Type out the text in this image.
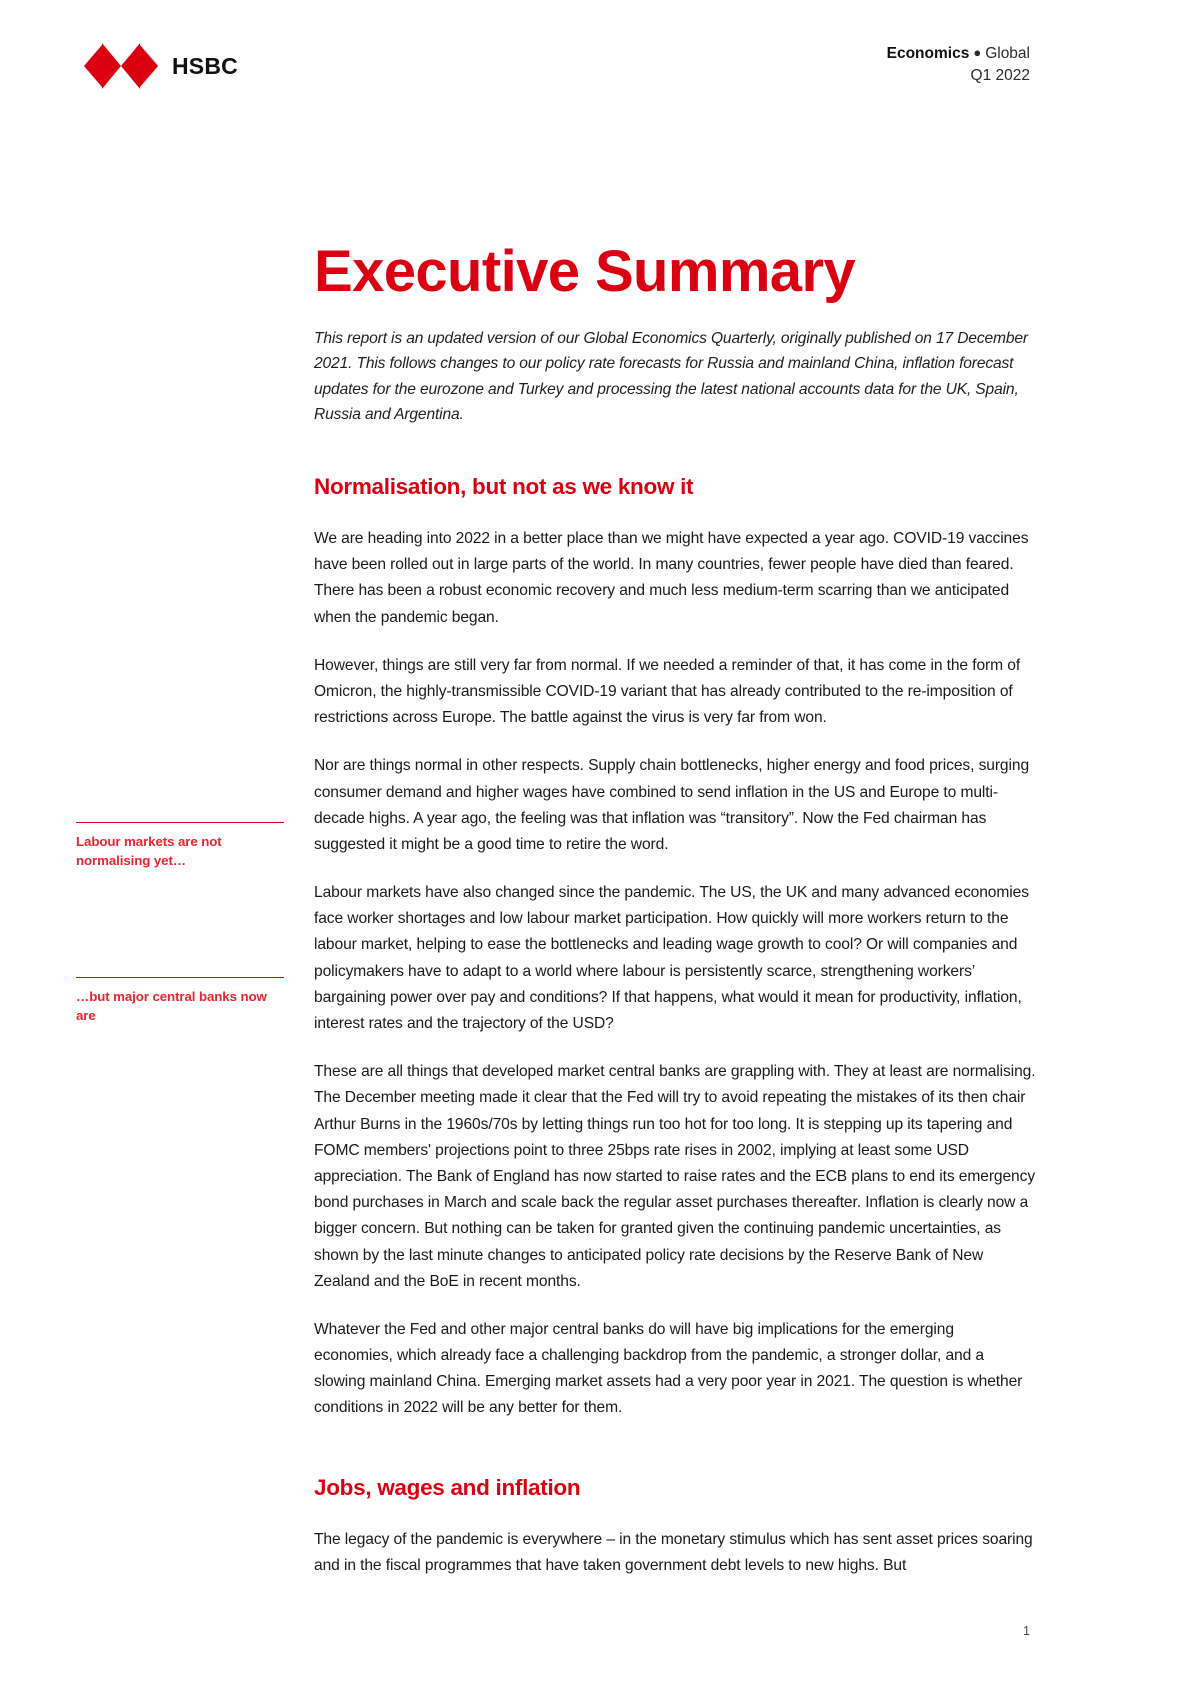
HSBC	Economics ● Global
Q1 2022
Executive Summary
Labour markets are not normalising yet…
…but major central banks now are

This report is an updated version of our Global Economics Quarterly, originally published on 17 December 2021. This follows changes to our policy rate forecasts for Russia and mainland China, inflation forecast updates for the eurozone and Turkey and processing the latest national accounts data for the UK, Spain, Russia and Argentina.

Normalisation, but not as we know it

We are heading into 2022 in a better place than we might have expected a year ago. COVID-19 vaccines have been rolled out in large parts of the world. In many countries, fewer people have died than feared. There has been a robust economic recovery and much less medium-term scarring than we anticipated when the pandemic began.

However, things are still very far from normal. If we needed a reminder of that, it has come in the form of Omicron, the highly-transmissible COVID-19 variant that has already contributed to the re-imposition of restrictions across Europe. The battle against the virus is very far from won.

Nor are things normal in other respects. Supply chain bottlenecks, higher energy and food prices, surging consumer demand and higher wages have combined to send inflation in the US and Europe to multi-decade highs. A year ago, the feeling was that inflation was “transitory”. Now the Fed chairman has suggested it might be a good time to retire the word.

Labour markets have also changed since the pandemic. The US, the UK and many advanced economies face worker shortages and low labour market participation. How quickly will more workers return to the labour market, helping to ease the bottlenecks and leading wage growth to cool? Or will companies and policymakers have to adapt to a world where labour is persistently scarce, strengthening workers’ bargaining power over pay and conditions? If that happens, what would it mean for productivity, inflation, interest rates and the trajectory of the USD?

These are all things that developed market central banks are grappling with. They at least are normalising. The December meeting made it clear that the Fed will try to avoid repeating the mistakes of its then chair Arthur Burns in the 1960s/70s by letting things run too hot for too long. It is stepping up its tapering and FOMC members' projections point to three 25bps rate rises in 2002, implying at least some USD appreciation. The Bank of England has now started to raise rates and the ECB plans to end its emergency bond purchases in March and scale back the regular asset purchases thereafter. Inflation is clearly now a bigger concern. But nothing can be taken for granted given the continuing pandemic uncertainties, as shown by the last minute changes to anticipated policy rate decisions by the Reserve Bank of New Zealand and the BoE in recent months.

Whatever the Fed and other major central banks do will have big implications for the emerging economies, which already face a challenging backdrop from the pandemic, a stronger dollar, and a slowing mainland China. Emerging market assets had a very poor year in 2021. The question is whether conditions in 2022 will be any better for them.

Jobs, wages and inflation

The legacy of the pandemic is everywhere – in the monetary stimulus which has sent asset prices soaring and in the fiscal programmes that have taken government debt levels to new highs. But

1
